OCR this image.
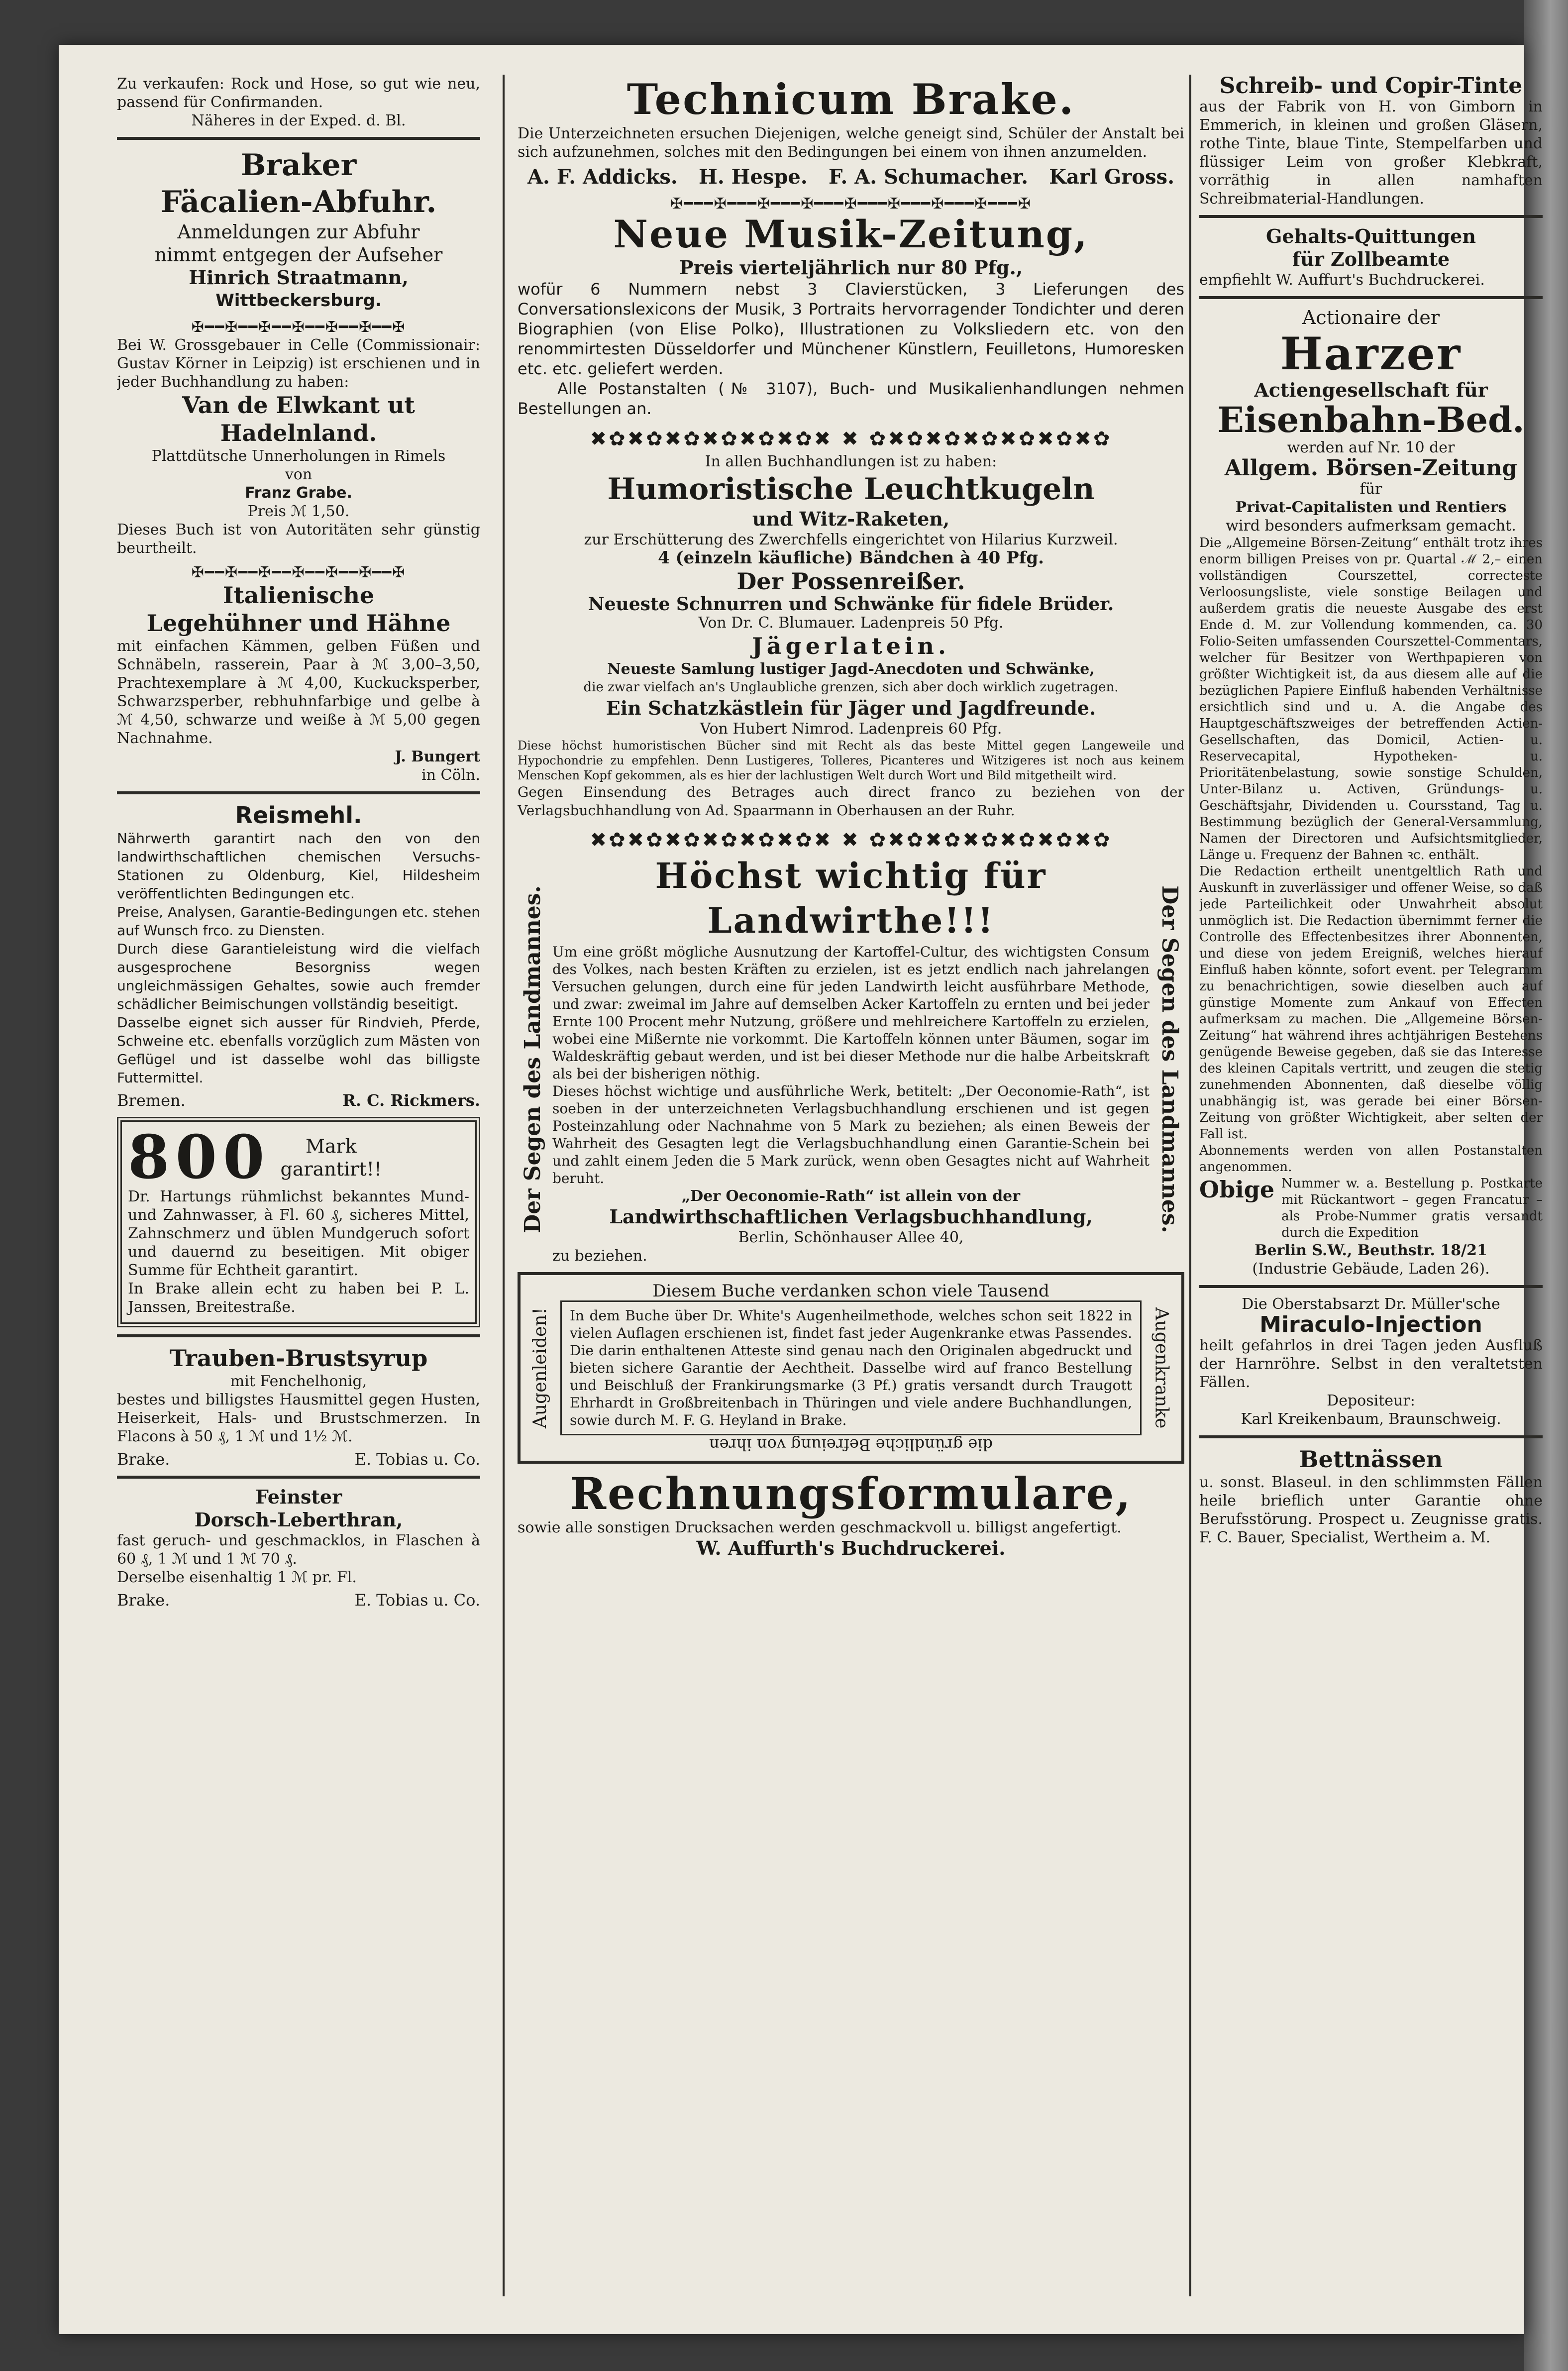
Zu verkaufen: Rock und Hose, so gut wie neu, passend für Confirmanden.

Näheres in der Exped. d. Bl.

Braker

Fäcalien-Abfuhr.

Anmeldungen zur Abfuhr

nimmt entgegen der Aufseher

Hinrich Straatmann,

Wittbeckersburg.

✠━━✠━━✠━━✠━━✠━━✠━━✠

Bei W. Grossgebauer in Celle (Commissionair: Gustav Körner in Leipzig) ist erschienen und in jeder Buchhandlung zu haben:

Van de Elwkant ut

Hadelnland.

Plattdütsche Unnerholungen in Rimels

von

Franz Grabe.

Preis ℳ 1,50.

Dieses Buch ist von Autoritäten sehr günstig beurtheilt.

✠━━✠━━✠━━✠━━✠━━✠━━✠

Italienische

Legehühner und Hähne

mit einfachen Kämmen, gelben Füßen und Schnäbeln, rasserein, Paar à ℳ 3,00–3,50, Prachtexemplare à ℳ 4,00, Kuckucksperber, Schwarzsperber, rebhuhnfarbige und gelbe à ℳ 4,50, schwarze und weiße à ℳ 5,00 gegen Nachnahme.

J. Bungert

in Cöln.

Reismehl.

Nährwerth garantirt nach den von den landwirthschaftlichen chemischen Versuchs-Stationen zu Oldenburg, Kiel, Hildesheim veröffentlichten Bedingungen etc.

Preise, Analysen, Garantie-Bedingungen etc. stehen auf Wunsch frco. zu Diensten.

Durch diese Garantieleistung wird die vielfach ausgesprochene Besorgniss wegen ungleichmässigen Gehaltes, sowie auch fremder schädlicher Beimischungen vollständig beseitigt.

Dasselbe eignet sich ausser für Rindvieh, Pferde, Schweine etc. ebenfalls vorzüglich zum Mästen von Geflügel und ist dasselbe wohl das billigste Futtermittel.

Bremen.	R. C. Rickmers.
800	Mark

garantirt!!

Dr. Hartungs rühmlichst bekanntes Mund- und Zahnwasser, à Fl. 60 ₰, sicheres Mittel, Zahnschmerz und üblen Mundgeruch sofort und dauernd zu beseitigen. Mit obiger Summe für Echtheit garantirt.

In Brake allein echt zu haben bei P. L. Janssen, Breitestraße.

Trauben-Brustsyrup

mit Fenchelhonig,

bestes und billigstes Hausmittel gegen Husten, Heiserkeit, Hals- und Brustschmerzen. In Flacons à 50 ₰, 1 ℳ und 1½ ℳ.

Brake.	E. Tobias u. Co.

Feinster

Dorsch-Leberthran,

fast geruch- und geschmacklos, in Flaschen à 60 ₰, 1 ℳ und 1 ℳ 70 ₰.

Derselbe eisenhaltig 1 ℳ pr. Fl.

Brake.	E. Tobias u. Co.

Technicum Brake.

Die Unterzeichneten ersuchen Diejenigen, welche geneigt sind, Schüler der Anstalt bei sich aufzunehmen, solches mit den Bedingungen bei einem von ihnen anzumelden.

A. F. Addicks. H. Hespe. F. A. Schumacher. Karl Gross.
✠━━━✠━━━✠━━━✠━━━✠━━━✠━━━✠━━━✠━━━✠

Neue Musik-Zeitung,

Preis vierteljährlich nur 80 Pfg.,

wofür 6 Nummern nebst 3 Clavierstücken, 3 Lieferungen des Conversationslexicons der Musik, 3 Portraits hervorragender Tondichter und deren Biographien (von Elise Polko), Illustrationen zu Volksliedern etc. von den renommirtesten Düsseldorfer und Münchener Künstlern, Feuilletons, Humoresken etc. etc. geliefert werden.

Alle Postanstalten (№ 3107), Buch- und Musikalienhandlungen nehmen Bestellungen an.

✖✿✖✿✖✿✖✿✖✿✖✿✖ ✖ ✿✖✿✖✿✖✿✖✿✖✿✖✿

In allen Buchhandlungen ist zu haben:

Humoristische Leuchtkugeln

und Witz-Raketen,

zur Erschütterung des Zwerchfells eingerichtet von Hilarius Kurzweil.

4 (einzeln käufliche) Bändchen à 40 Pfg.

Der Possenreißer.

Neueste Schnurren und Schwänke für fidele Brüder.

Von Dr. C. Blumauer. Ladenpreis 50 Pfg.

Jägerlatein.

Neueste Samlung lustiger Jagd-Anecdoten und Schwänke,

die zwar vielfach an's Unglaubliche grenzen, sich aber doch wirklich zugetragen.

Ein Schatzkästlein für Jäger und Jagdfreunde.

Von Hubert Nimrod. Ladenpreis 60 Pfg.

Diese höchst humoristischen Bücher sind mit Recht als das beste Mittel gegen Langeweile und Hypochondrie zu empfehlen. Denn Lustigeres, Tolleres, Picanteres und Witzigeres ist noch aus keinem Menschen Kopf gekommen, als es hier der lachlustigen Welt durch Wort und Bild mitgetheilt wird.

Gegen Einsendung des Betrages auch direct franco zu beziehen von der Verlagsbuchhandlung von Ad. Spaarmann in Oberhausen an der Ruhr.

✖✿✖✿✖✿✖✿✖✿✖✿✖ ✖ ✿✖✿✖✿✖✿✖✿✖✿✖✿
Der Segen des Landmannes.	Der Segen des Landmannes.

Höchst wichtig für Landwirthe!!!

Um eine größt mögliche Ausnutzung der Kartoffel-Cultur, des wichtigsten Consum des Volkes, nach besten Kräften zu erzielen, ist es jetzt endlich nach jahrelangen Versuchen gelungen, durch eine für jeden Landwirth leicht ausführbare Methode, und zwar: zweimal im Jahre auf demselben Acker Kartoffeln zu ernten und bei jeder Ernte 100 Procent mehr Nutzung, größere und mehlreichere Kartoffeln zu erzielen, wobei eine Mißernte nie vorkommt. Die Kartoffeln können unter Bäumen, sogar im Waldeskräftig gebaut werden, und ist bei dieser Methode nur die halbe Arbeitskraft als bei der bisherigen nöthig.

Dieses höchst wichtige und ausführliche Werk, betitelt: „Der Oeconomie-Rath“, ist soeben in der unterzeichneten Verlagsbuchhandlung erschienen und ist gegen Posteinzahlung oder Nachnahme von 5 Mark zu beziehen; als einen Beweis der Wahrheit des Gesagten legt die Verlagsbuchhandlung einen Garantie-Schein bei und zahlt einem Jeden die 5 Mark zurück, wenn oben Gesagtes nicht auf Wahrheit beruht.

„Der Oeconomie-Rath“ ist allein von der

Landwirthschaftlichen Verlagsbuchhandlung,

Berlin, Schönhauser Allee 40,

zu beziehen.

Augenleiden!	Augenkranke

Diesem Buche verdanken schon viele Tausend

In dem Buche über Dr. White's Augenheilmethode, welches schon seit 1822 in vielen Auflagen erschienen ist, findet fast jeder Augenkranke etwas Passendes. Die darin enthaltenen Atteste sind genau nach den Originalen abgedruckt und bieten sichere Garantie der Aechtheit. Dasselbe wird auf franco Bestellung und Beischluß der Frankirungsmarke (3 Pf.) gratis versandt durch Traugott Ehrhardt in Großbreitenbach in Thüringen und viele andere Buchhandlungen, sowie durch M. F. G. Heyland in Brake.

die gründliche Befreiung von ihren

Rechnungsformulare,

sowie alle sonstigen Drucksachen werden geschmackvoll u. billigst angefertigt.

W. Auffurth's Buchdruckerei.

Schreib- und Copir-Tinte

aus der Fabrik von H. von Gimborn in Emmerich, in kleinen und großen Gläsern, rothe Tinte, blaue Tinte, Stempelfarben und flüssiger Leim von großer Klebkraft, vorräthig in allen namhaften Schreibmaterial-Handlungen.

Gehalts-Quittungen

für Zollbeamte

empfiehlt W. Auffurt's Buchdruckerei.

Actionaire der

Harzer

Actiengesellschaft für

Eisenbahn-Bed.

werden auf Nr. 10 der

Allgem. Börsen-Zeitung

für

Privat-Capitalisten und Rentiers

wird besonders aufmerksam gemacht.

Die „Allgemeine Börsen-Zeitung“ enthält trotz ihres enorm billigen Preises von pr. Quartal ℳ 2,– einen vollständigen Courszettel, correcteste Verloosungsliste, viele sonstige Beilagen und außerdem gratis die neueste Ausgabe des erst Ende d. M. zur Vollendung kommenden, ca. 30 Folio-Seiten umfassenden Courszettel-Commentars, welcher für Besitzer von Werthpapieren von größter Wichtigkeit ist, da aus diesem alle auf die bezüglichen Papiere Einfluß habenden Verhältnisse ersichtlich sind und u. A. die Angabe des Hauptgeschäftszweiges der betreffenden Actien-Gesellschaften, das Domicil, Actien- u. Reservecapital, Hypotheken- u. Prioritätenbelastung, sowie sonstige Schulden, Unter-Bilanz u. Activen, Gründungs- u. Geschäftsjahr, Dividenden u. Coursstand, Tag u. Bestimmung bezüglich der General-Versammlung, Namen der Directoren und Aufsichtsmitglieder, Länge u. Frequenz der Bahnen ꝛc. enthält.

Die Redaction ertheilt unentgeltlich Rath und Auskunft in zuverlässiger und offener Weise, so daß jede Parteilichkeit oder Unwahrheit absolut unmöglich ist. Die Redaction übernimmt ferner die Controlle des Effectenbesitzes ihrer Abonnenten, und diese von jedem Ereigniß, welches hierauf Einfluß haben könnte, sofort event. per Telegramm zu benachrichtigen, sowie dieselben auch auf günstige Momente zum Ankauf von Effecten aufmerksam zu machen. Die „Allgemeine Börsen-Zeitung“ hat während ihres achtjährigen Bestehens genügende Beweise gegeben, daß sie das Interesse des kleinen Capitals vertritt, und zeugen die stetig zunehmenden Abonnenten, daß dieselbe völlig unabhängig ist, was gerade bei einer Börsen-Zeitung von größter Wichtigkeit, aber selten der Fall ist.

Abonnements werden von allen Postanstalten angenommen.

Obige Nummer w. a. Bestellung p. Postkarte mit Rückantwort – gegen Francatur – als Probe-Nummer gratis versandt durch die Expedition

Berlin S.W., Beuthstr. 18/21

(Industrie Gebäude, Laden 26).

Die Oberstabsarzt Dr. Müller'sche

Miraculo-Injection

heilt gefahrlos in drei Tagen jeden Ausfluß der Harnröhre. Selbst in den veraltetsten Fällen.

Depositeur:

Karl Kreikenbaum, Braunschweig.

Bettnässen

u. sonst. Blaseul. in den schlimmsten Fällen heile brieflich unter Garantie ohne Berufsstörung. Prospect u. Zeugnisse gratis. F. C. Bauer, Specialist, Wertheim a. M.
